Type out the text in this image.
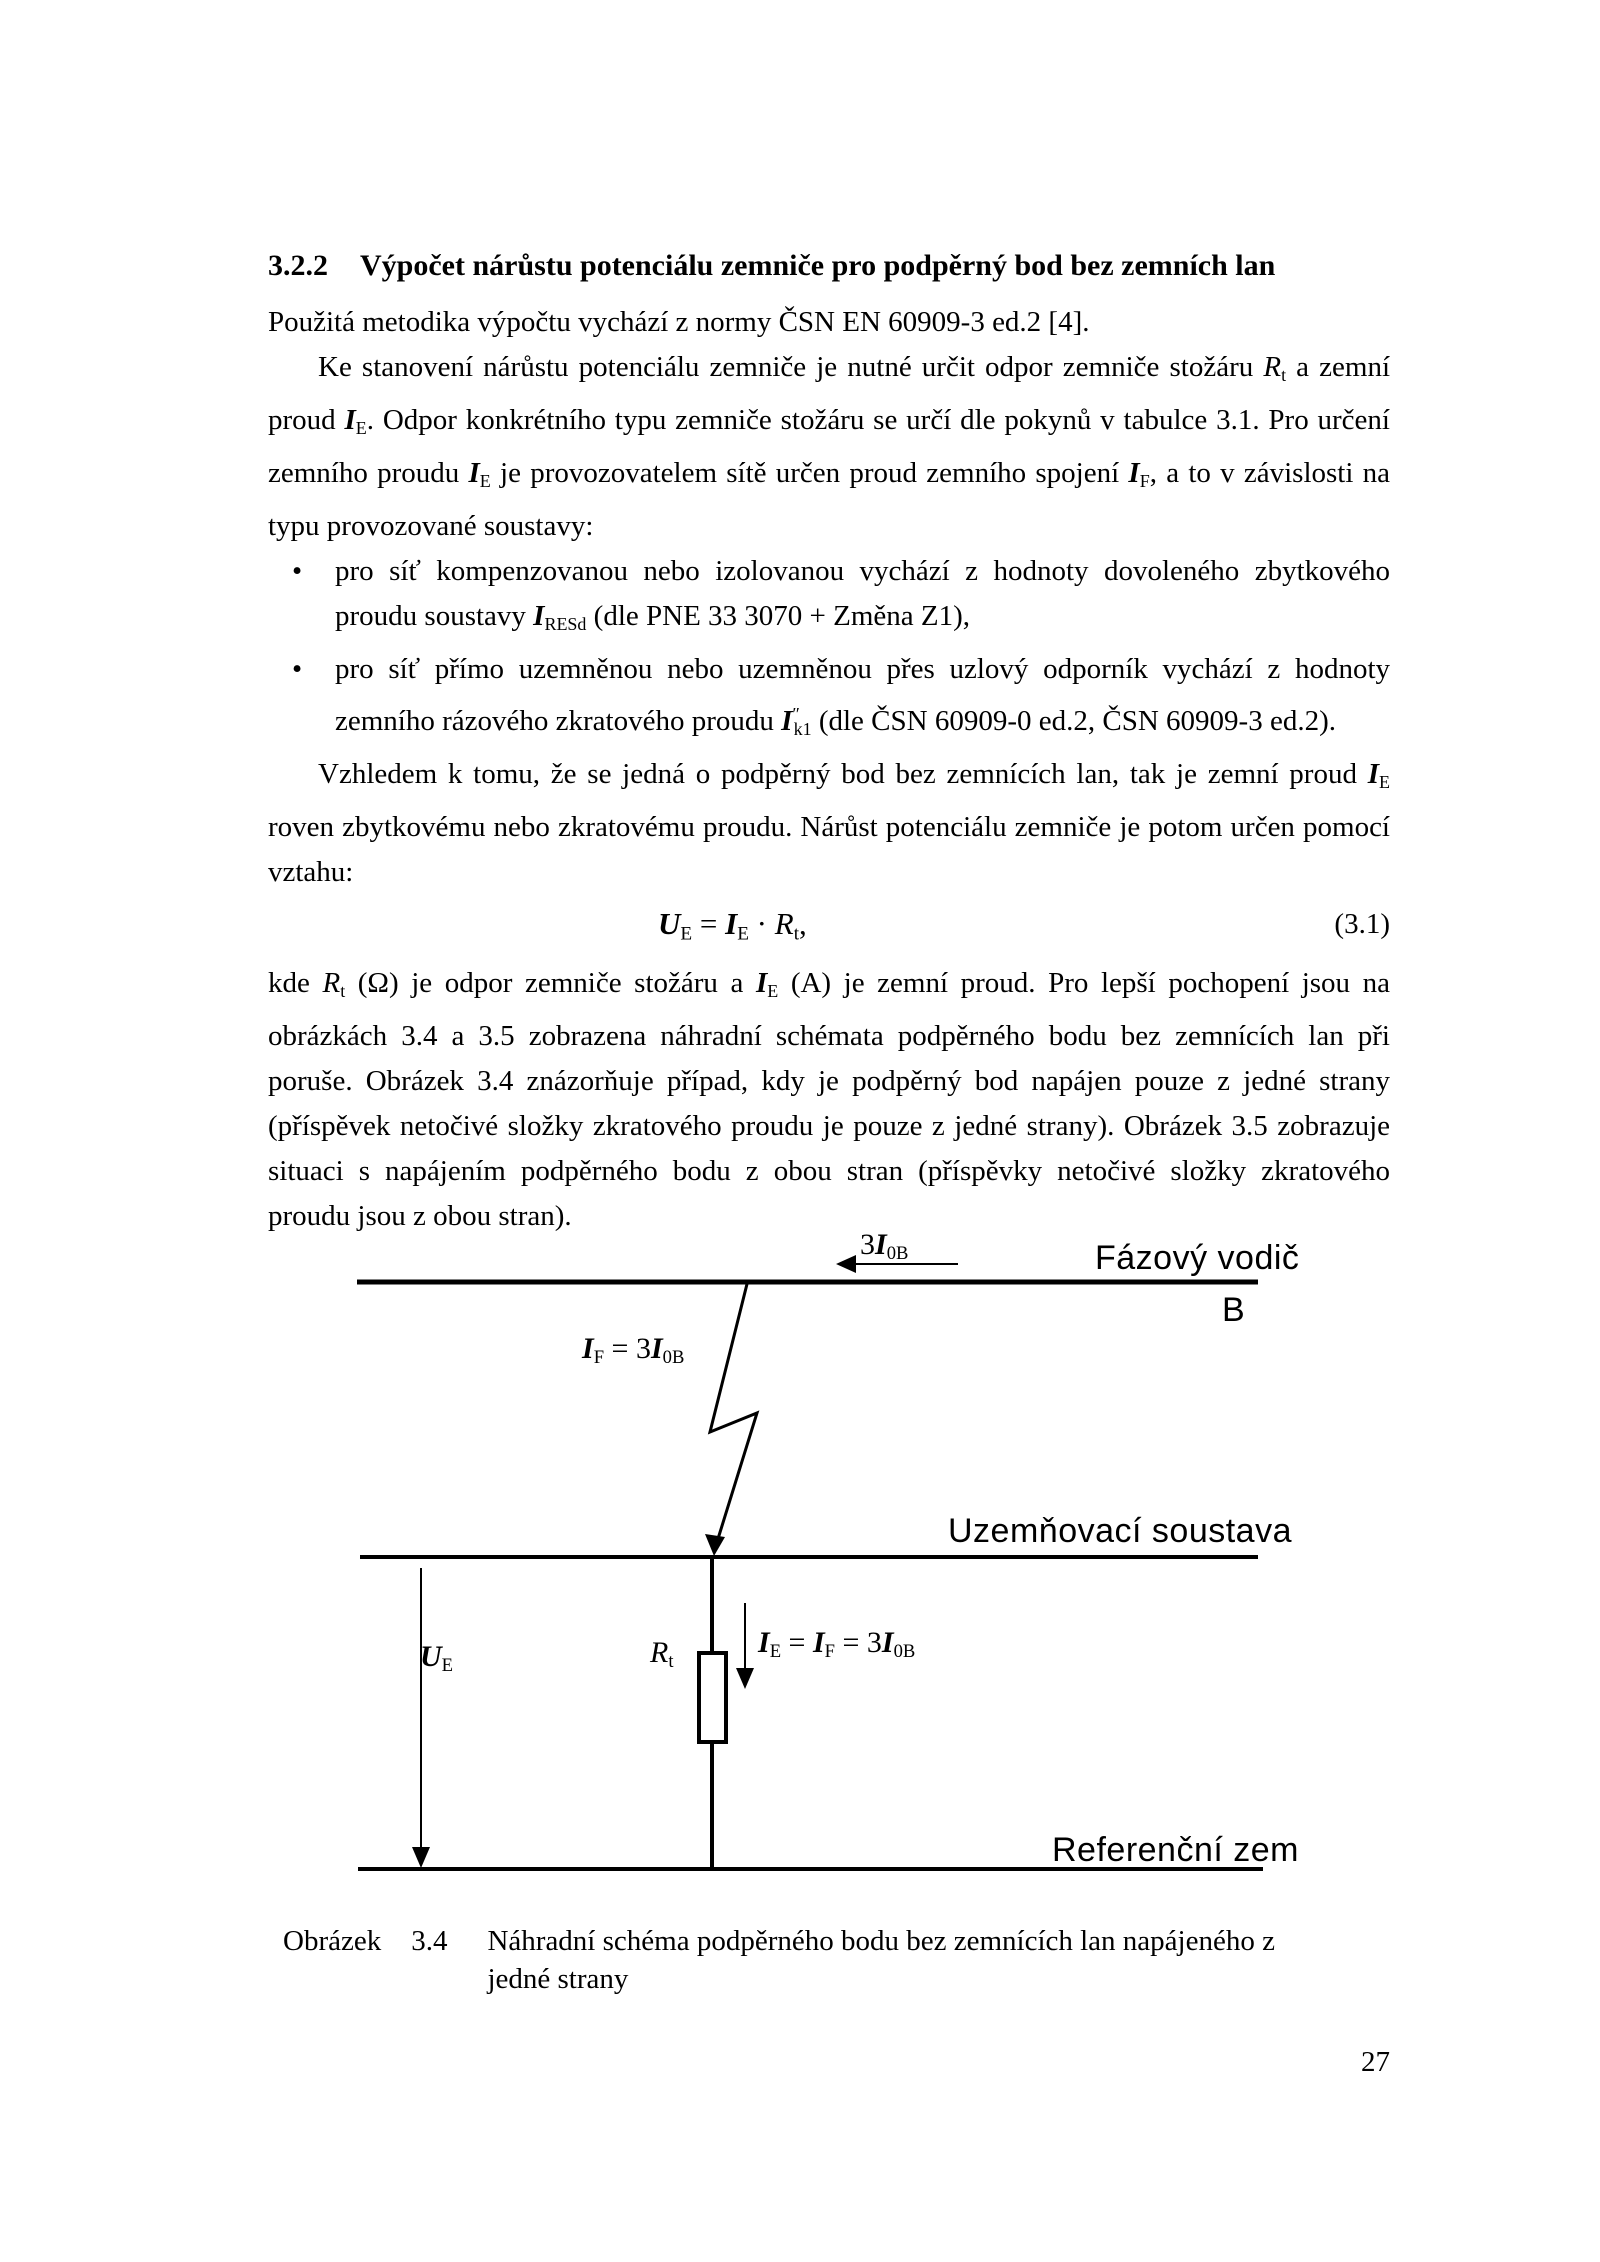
3.2.2 Výpočet nárůstu potenciálu zemniče pro podpěrný bod bez zemních lan

Použitá metodika výpočtu vychází z normy ČSN EN 60909-3 ed.2 [4].

Ke stanovení nárůstu potenciálu zemniče je nutné určit odpor zemniče stožáru $R_t$ a zemní proud $I_E$. Odpor konkrétního typu zemniče stožáru se určí dle pokynů v tabulce 3.1. Pro určení zemního proudu $I_E$ je provozovatelem sítě určen proud zemního spojení $I_F$, a to v závislosti na typu provozované soustavy:

• pro síť kompenzovanou nebo izolovanou vychází z hodnoty dovoleného zbytkového proudu soustavy $I_{RESd}$ (dle PNE 33 3070 + Změna Z1),
• pro síť přímo uzemněnou nebo uzemněnou přes uzlový odporník vychází z hodnoty zemního rázového zkratového proudu $I''_{k1}$ (dle ČSN 60909-0 ed.2, ČSN 60909-3 ed.2).

Vzhledem k tomu, že se jedná o podpěrný bod bez zemnících lan, tak je zemní proud $I_E$ roven zbytkovému nebo zkratovému proudu. Nárůst potenciálu zemniče je potom určen pomocí vztahu:

$U_E = I_E \cdot R_t$,	(3.1)

kde $R_t$ (Ω) je odpor zemniče stožáru a $I_E$ (A) je zemní proud. Pro lepší pochopení jsou na obrázkách 3.4 a 3.5 zobrazena náhradní schémata podpěrného bodu bez zemnících lan při poruše. Obrázek 3.4 znázorňuje případ, kdy je podpěrný bod napájen pouze z jedné strany (příspěvek netočivé složky zkratového proudu je pouze z jedné strany). Obrázek 3.5 zobrazuje situaci s napájením podpěrného bodu z obou stran (příspěvky netočivé složky zkratového proudu jsou z obou stran).

$3I_{0B}$	Fázový vodič
B
$I_F = 3I_{0B}$
Uzemňovací soustava
$U_E$	$R_t$
$I_E = I_F = 3I_{0B}$
Referenční zem
Obrázek 3.4 Náhradní schéma podpěrného bodu bez zemnících lan napájeného z jedné strany
27
